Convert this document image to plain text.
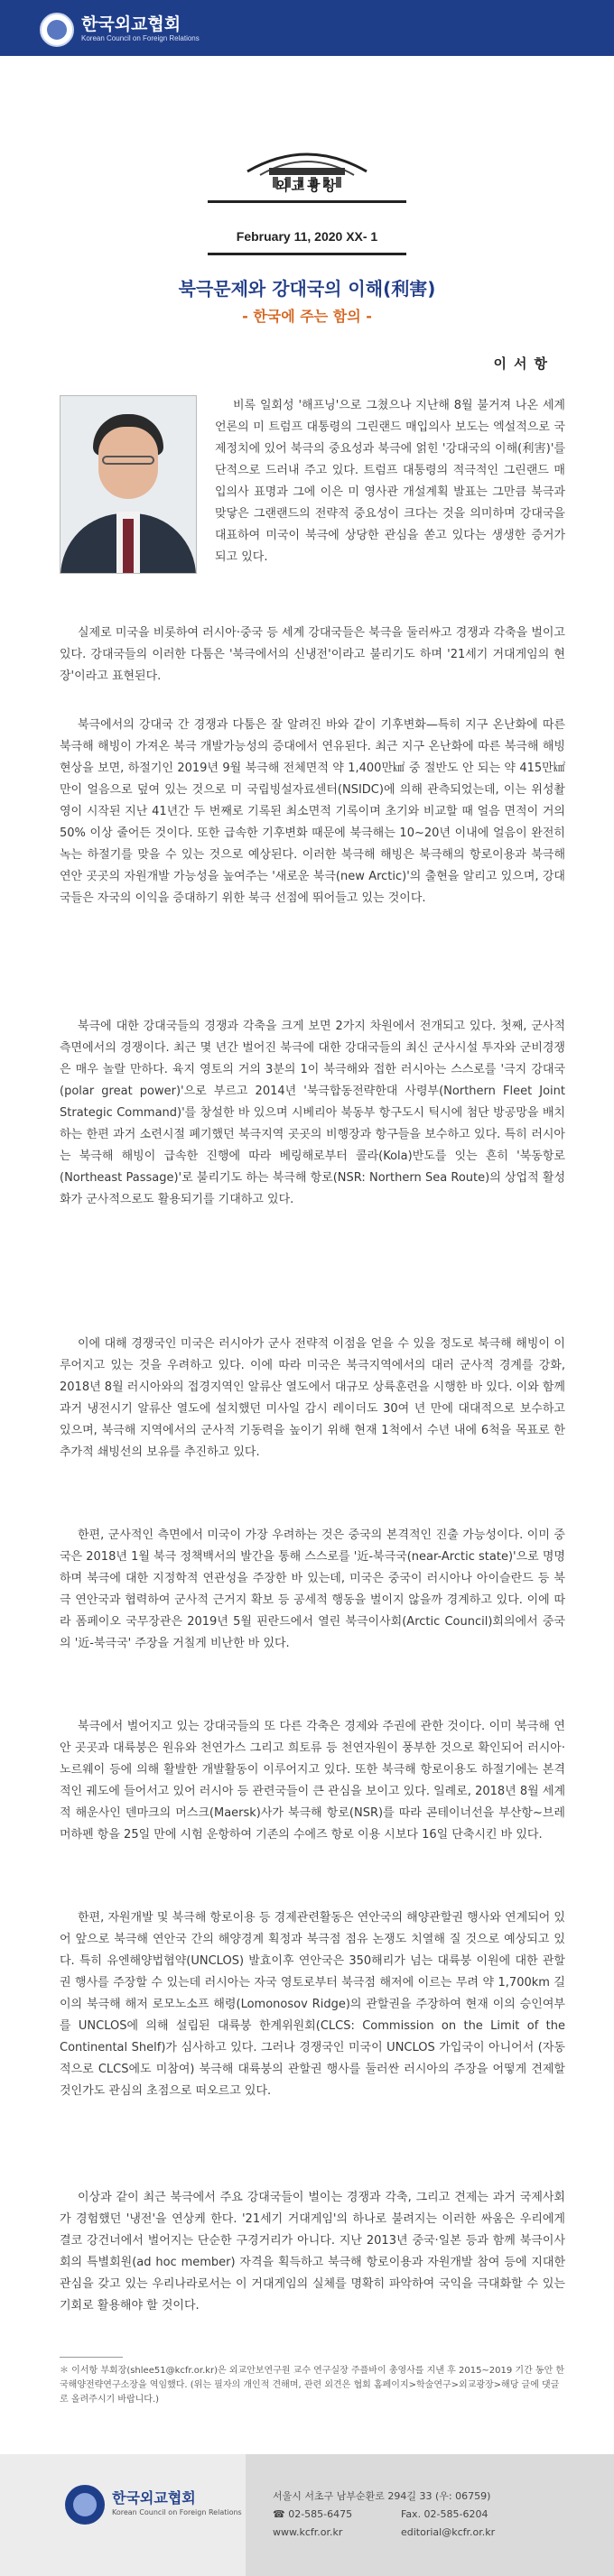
한국외교협회
Korean Council on Foreign Relations
외교광장
February 11, 2020 XX- 1
북극문제와 강대국의 이해(利害)
- 한국에 주는 함의 -
이서항

비록 일회성 '해프닝'으로 그쳤으나 지난해 8월 불거져 나온 세계 언론의 미 트럼프 대통령의 그린랜드 매입의사 보도는 엑설적으로 국제정치에 있어 북극의 중요성과 북극에 얽힌 '강대국의 이해(利害)'를 단적으로 드러내 주고 있다. 트럼프 대통령의 적극적인 그린랜드 매입의사 표명과 그에 이은 미 영사관 개설계획 발표는 그만큼 북극과 맞닿은 그랜랜드의 전략적 중요성이 크다는 것을 의미하며 강대국을 대표하여 미국이 북극에 상당한 관심을 쏟고 있다는 생생한 증거가 되고 있다.

실제로 미국을 비롯하여 러시아·중국 등 세계 강대국들은 북극을 둘러싸고 경쟁과 각축을 벌이고 있다. 강대국들의 이러한 다툼은 '북극에서의 신냉전'이라고 불리기도 하며 '21세기 거대게임의 현장'이라고 표현된다.

북극에서의 강대국 간 경쟁과 다툼은 잘 알려진 바와 같이 기후변화—특히 지구 온난화에 따른 북극해 해빙이 가져온 북극 개발가능성의 증대에서 연유된다. 최근 지구 온난화에 따른 북극해 해빙현상을 보면, 하절기인 2019년 9월 북극해 전체면적 약 1,400만㎢ 중 절반도 안 되는 약 415만㎢만이 얼음으로 덮여 있는 것으로 미 국립빙설자료센터(NSIDC)에 의해 관측되었는데, 이는 위성촬영이 시작된 지난 41년간 두 번째로 기록된 최소면적 기록이며 초기와 비교할 때 얼음 면적이 거의 50% 이상 줄어든 것이다. 또한 급속한 기후변화 때문에 북극해는 10~20년 이내에 얼음이 완전히 녹는 하절기를 맞을 수 있는 것으로 예상된다. 이러한 북극해 해빙은 북극해의 항로이용과 북극해 연안 곳곳의 자원개발 가능성을 높여주는 '새로운 북극(new Arctic)'의 출현을 알리고 있으며, 강대국들은 자국의 이익을 증대하기 위한 북극 선점에 뛰어들고 있는 것이다.

북극에 대한 강대국들의 경쟁과 각축을 크게 보면 2가지 차원에서 전개되고 있다. 첫째, 군사적 측면에서의 경쟁이다. 최근 몇 년간 벌어진 북극에 대한 강대국들의 최신 군사시설 투자와 군비경쟁은 매우 놀랄 만하다. 육지 영토의 거의 3분의 1이 북극해와 접한 러시아는 스스로를 '극지 강대국(polar great power)'으로 부르고 2014년 '북극합동전략한대 사령부(Northern Fleet Joint Strategic Command)'를 창설한 바 있으며 시베리아 북동부 항구도시 틱시에 첨단 방공망을 배치하는 한편 과거 소련시절 폐기했던 북극지역 곳곳의 비행장과 항구들을 보수하고 있다. 특히 러시아는 북극해 해빙이 급속한 진행에 따라 베링해로부터 콜라(Kola)반도를 잇는 흔히 '북동항로(Northeast Passage)'로 불리기도 하는 북극해 항로(NSR: Northern Sea Route)의 상업적 활성화가 군사적으로도 활용되기를 기대하고 있다.

이에 대해 경쟁국인 미국은 러시아가 군사 전략적 이점을 얻을 수 있을 정도로 북극해 해빙이 이루어지고 있는 것을 우려하고 있다. 이에 따라 미국은 북극지역에서의 대러 군사적 경계를 강화, 2018년 8월 러시아와의 접경지역인 알류산 열도에서 대규모 상륙훈련을 시행한 바 있다. 이와 함께 과거 냉전시기 알류산 열도에 설치했던 미사일 감시 레이더도 30여 년 만에 대대적으로 보수하고 있으며, 북극해 지역에서의 군사적 기동력을 높이기 위해 현재 1척에서 수년 내에 6척을 목표로 한 추가적 쇄빙선의 보유를 추진하고 있다.

한편, 군사적인 측면에서 미국이 가장 우려하는 것은 중국의 본격적인 진출 가능성이다. 이미 중국은 2018년 1월 북극 정책백서의 발간을 통해 스스로를 '近-북극국(near-Arctic state)'으로 명명하며 북극에 대한 지정학적 연관성을 주장한 바 있는데, 미국은 중국이 러시아나 아이슬란드 등 북극 연안국과 협력하여 군사적 근거지 확보 등 공세적 행동을 벌이지 않을까 경계하고 있다. 이에 따라 폼페이오 국무장관은 2019년 5월 핀란드에서 열린 북극이사회(Arctic Council)회의에서 중국의 '近-북극국' 주장을 거칠게 비난한 바 있다.

북극에서 벌어지고 있는 강대국들의 또 다른 각축은 경제와 주권에 관한 것이다. 이미 북극해 연안 곳곳과 대륙붕은 원유와 천연가스 그리고 희토류 등 천연자원이 풍부한 것으로 확인되어 러시아·노르웨이 등에 의해 활발한 개발활동이 이루어지고 있다. 또한 북극해 항로이용도 하절기에는 본격적인 궤도에 들어서고 있어 러시아 등 관련국들이 큰 관심을 보이고 있다. 일례로, 2018년 8월 세계적 해운사인 덴마크의 머스크(Maersk)사가 북극해 항로(NSR)를 따라 콘테이너선을 부산항~브레머하펜 항을 25일 만에 시험 운항하여 기존의 수에즈 항로 이용 시보다 16일 단축시킨 바 있다.

한편, 자원개발 및 북극해 항로이용 등 경제관련활동은 연안국의 해양관할권 행사와 연계되어 있어 앞으로 북극해 연안국 간의 해양경계 획정과 북극점 점유 논쟁도 치열해 질 것으로 예상되고 있다. 특히 유엔해양법협약(UNCLOS) 발효이후 연안국은 350해리가 넘는 대륙붕 이원에 대한 관할권 행사를 주장할 수 있는데 러시아는 자국 영토로부터 북극점 해저에 이르는 무려 약 1,700km 길이의 북극해 해저 로모노소프 해령(Lomonosov Ridge)의 관할권을 주장하여 현재 이의 승인여부를 UNCLOS에 의해 설립된 대륙붕 한계위원회(CLCS: Commission on the Limit of the Continental Shelf)가 심사하고 있다. 그러나 경쟁국인 미국이 UNCLOS 가입국이 아니어서 (자동적으로 CLCS에도 미참여) 북극해 대륙붕의 관할권 행사를 둘러싼 러시아의 주장을 어떻게 견제할 것인가도 관심의 초점으로 떠오르고 있다.

이상과 같이 최근 북극에서 주요 강대국들이 벌이는 경쟁과 각축, 그리고 견제는 과거 국제사회가 경험했던 '냉전'을 연상케 한다. '21세기 거대게임'의 하나로 불려지는 이러한 싸움은 우리에게 결코 강건너에서 벌어지는 단순한 구경거리가 아니다. 지난 2013년 중국·일본 등과 함께 북극이사회의 특별회원(ad hoc member) 자격을 획득하고 북극해 항로이용과 자원개발 참여 등에 지대한 관심을 갖고 있는 우리나라로서는 이 거대게임의 실체를 명확히 파악하여 국익을 극대화할 수 있는 기회로 활용해야 할 것이다.

＊ 이서항 부회장(shlee51@kcfr.or.kr)은 외교안보연구원 교수 연구실장 주플바이 총영사를 지낸 후 2015~2019 기간 동안 한국해양전략연구소장을 역임했다. (위는 필자의 개인적 견해며, 관련 외견은 협회 홈페이지>학술연구>외교광장>해당 글에 댓글로 올려주시기 바랍니다.)
한국외교협회
Korean Council on Foreign Relations
서울시 서초구 남부순환로 294길 33 (우: 06759)
☎ 02-585-6475	Fax. 02-585-6204
www.kcfr.or.kr	editorial@kcfr.or.kr
